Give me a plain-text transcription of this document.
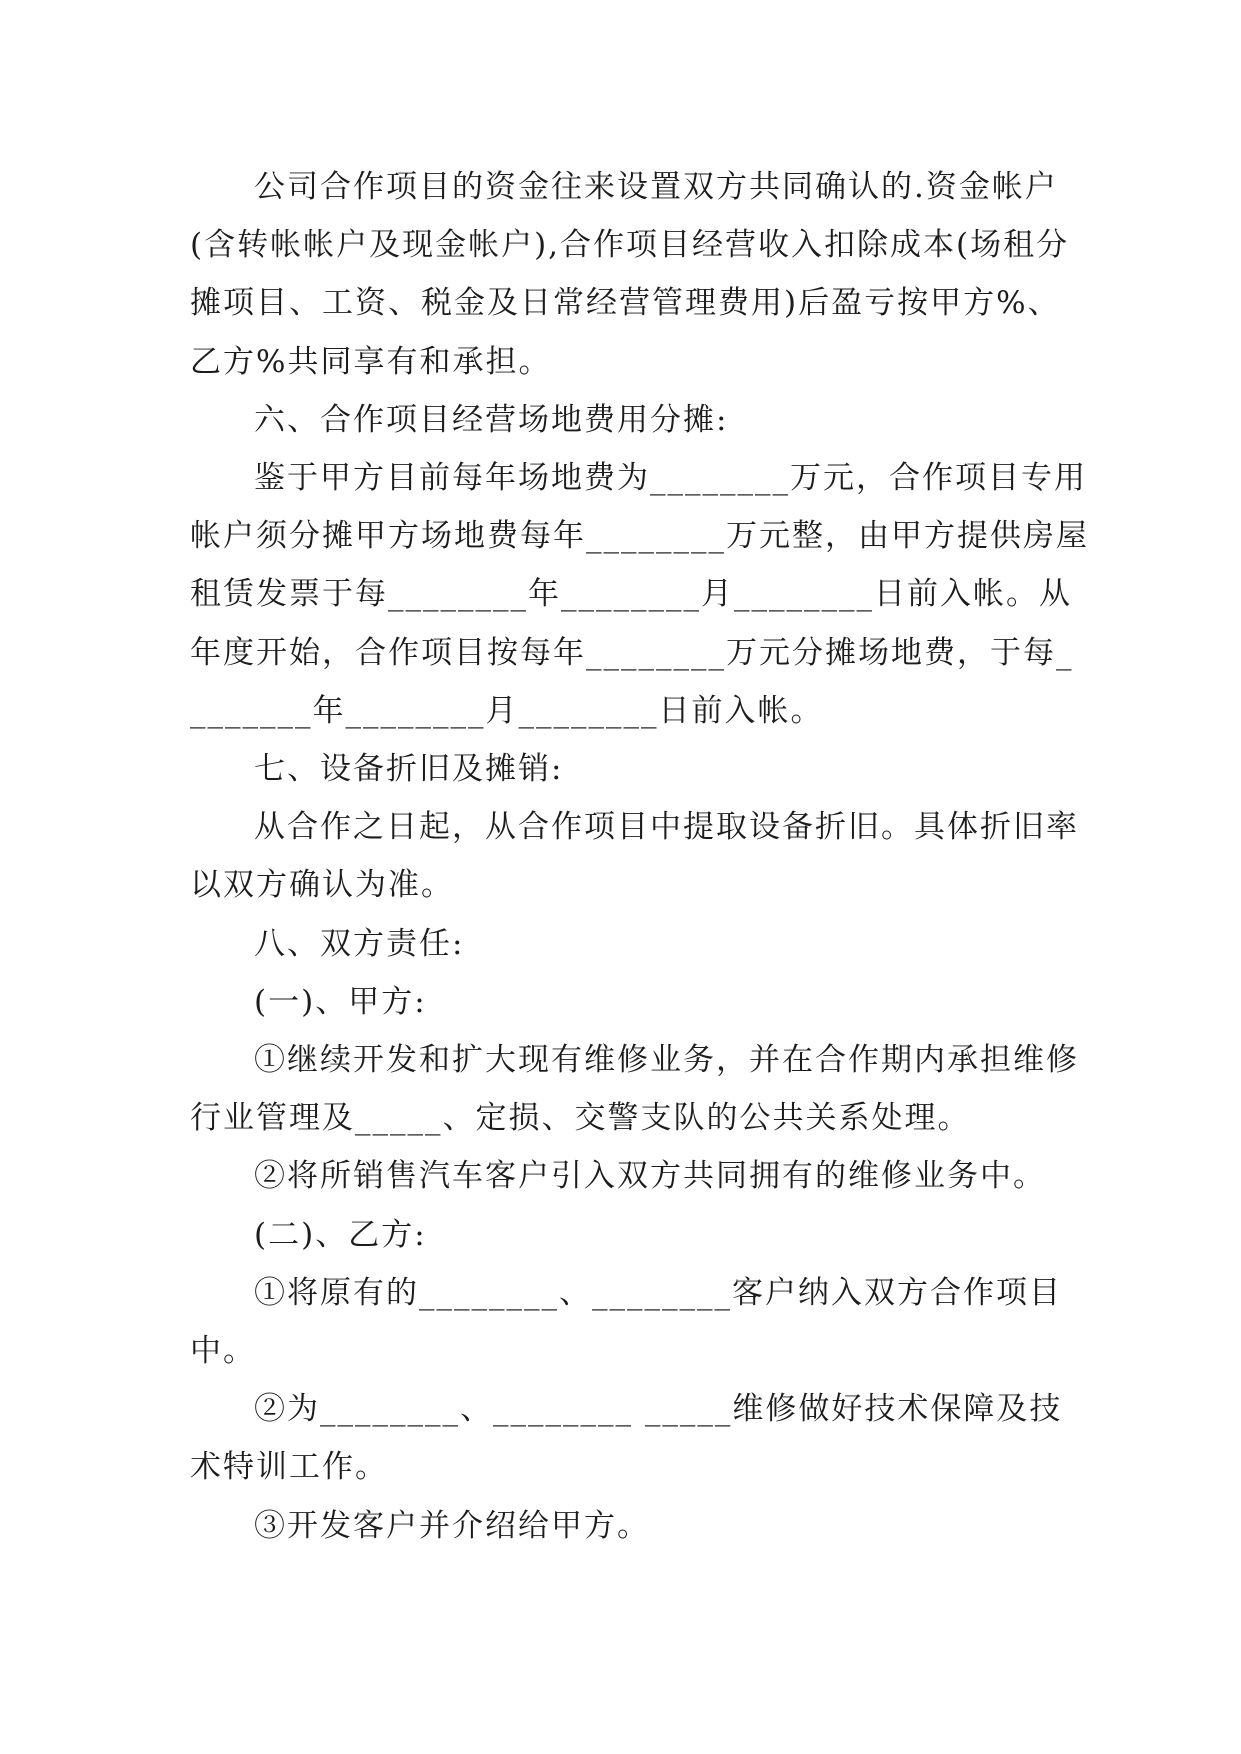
公司合作项目的资金往来设置双方共同确认的.资金帐户(含转帐帐户及现金帐户),合作项目经营收入扣除成本(场租分摊项目、工资、税金及日常经营管理费用)后盈亏按甲方%、乙方%共同享有和承担。

六、合作项目经营场地费用分摊:

鉴于甲方目前每年场地费为________万元，合作项目专用帐户须分摊甲方场地费每年________万元整，由甲方提供房屋租赁发票于每________年________月________日前入帐。从年度开始，合作项目按每年________万元分摊场地费，于每________年________月________日前入帐。

七、设备折旧及摊销:

从合作之日起，从合作项目中提取设备折旧。具体折旧率以双方确认为准。

八、双方责任:

(一)、甲方:

①继续开发和扩大现有维修业务，并在合作期内承担维修行业管理及_____、定损、交警支队的公共关系处理。

②将所销售汽车客户引入双方共同拥有的维修业务中。

(二)、乙方:

①将原有的________、________客户纳入双方合作项目中。

②为________、________ _____维修做好技术保障及技术特训工作。

③开发客户并介绍给甲方。
